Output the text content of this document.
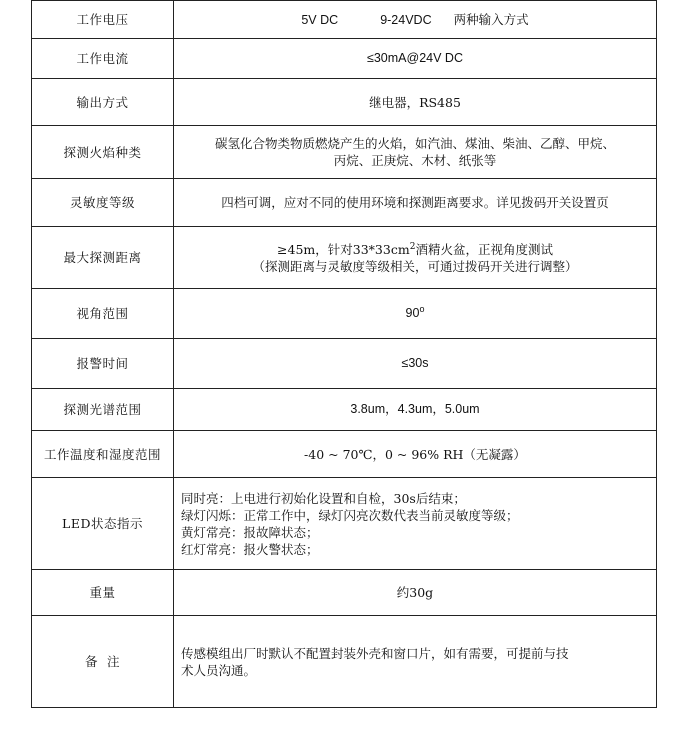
工作电压	5V DC 9-24VDC 两种输入方式
工作电流	≤30mA@24V DC
输出方式	继电器，RS485
探测火焰种类	碳氢化合物类物质燃烧产生的火焰，如汽油、煤油、柴油、乙醇、甲烷、
丙烷、正庚烷、木材、纸张等

灵敏度等级	四档可调，应对不同的使用环境和探测距离要求。详见拨码开关设置页
最大探测距离	≥45m，针对$33*33cm^2$酒精火盆，正视角度测试
（探测距离与灵敏度等级相关，可通过拨码开关进行调整）

视角范围	90$^o$
报警时间	≤30s
探测光谱范围	3.8um，4.3um，5.0um
工作温度和湿度范围	-40 ~ 70℃，0 ~ 96% RH（无凝露）
LED状态指示	同时亮：上电进行初始化设置和自检，30s后结束；
绿灯闪烁：正常工作中，绿灯闪亮次数代表当前灵敏度等级；
黄灯常亮：报故障状态；
红灯常亮：报火警状态；

重量	约30g
备  注	传感模组出厂时默认不配置封装外壳和窗口片，如有需要，可提前与技
术人员沟通。
